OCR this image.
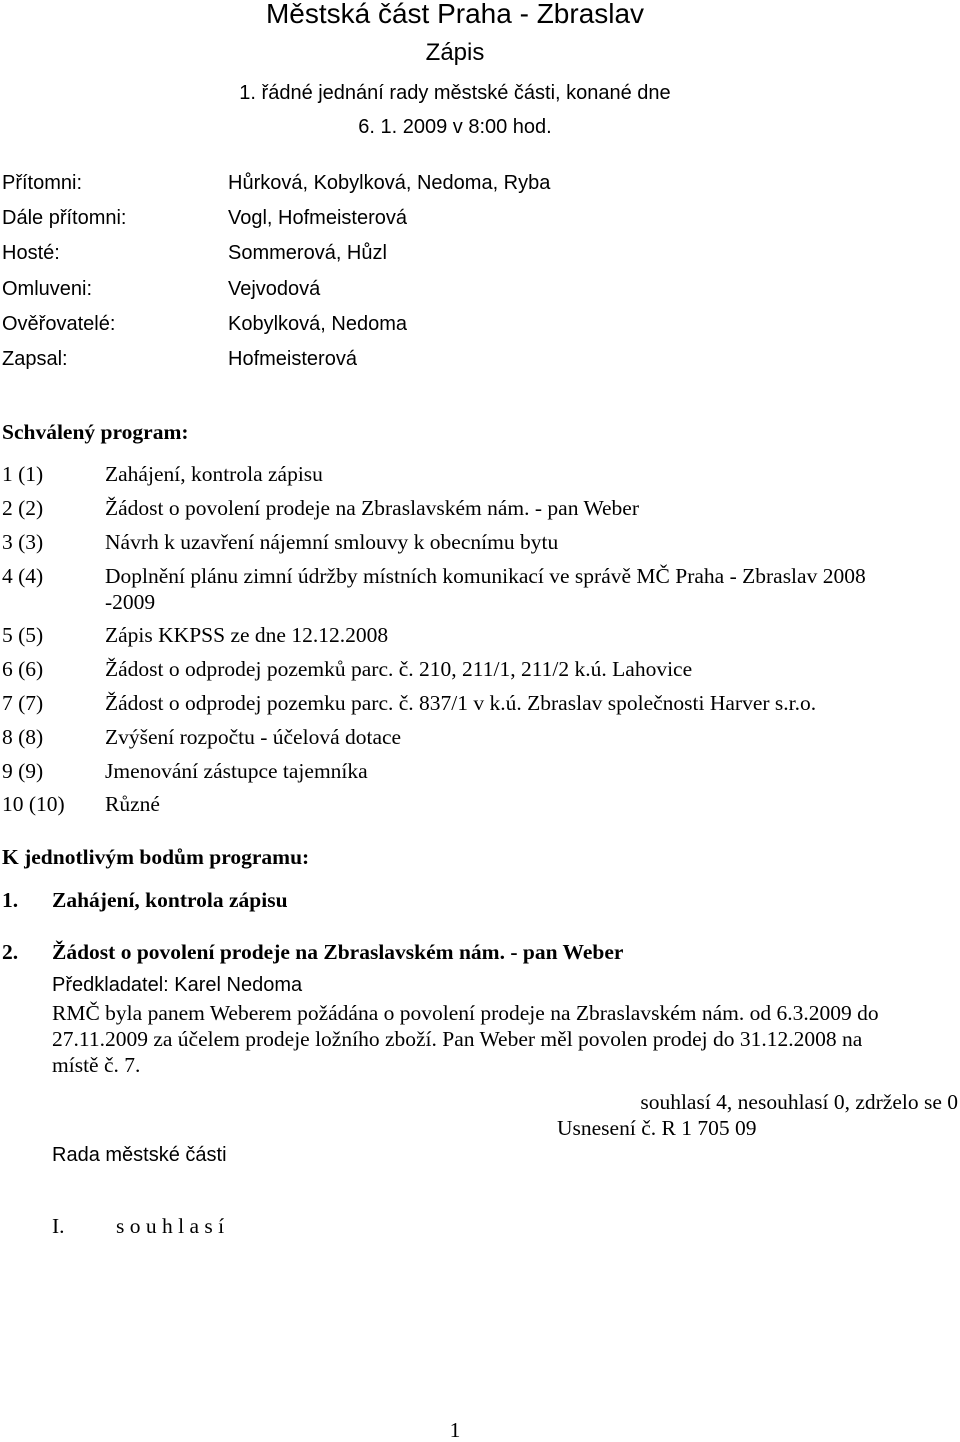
Městská část Praha - Zbraslav
Zápis
1. řádné jednání rady městské části, konané dne
6. 1. 2009 v 8:00 hod.
Přítomni:	Hůrková, Kobylková, Nedoma, Ryba
Dále přítomni:	Vogl, Hofmeisterová
Hosté:	Sommerová, Hůzl
Omluveni:	Vejvodová
Ověřovatelé:	Kobylková, Nedoma
Zapsal:	Hofmeisterová
Schválený program:
1 (1)	Zahájení, kontrola zápisu
2 (2)	Žádost o povolení prodeje na Zbraslavském nám. - pan Weber
3 (3)	Návrh k uzavření nájemní smlouvy k obecnímu bytu
4 (4)	Doplnění plánu zimní údržby místních komunikací ve správě MČ Praha - Zbraslav 2008
-2009
5 (5)	Zápis KKPSS ze dne 12.12.2008
6 (6)	Žádost o odprodej pozemků parc. č. 210, 211/1, 211/2 k.ú. Lahovice
7 (7)	Žádost o odprodej pozemku parc. č. 837/1 v k.ú. Zbraslav společnosti Harver s.r.o.
8 (8)	Zvýšení rozpočtu - účelová dotace
9 (9)	Jmenování zástupce tajemníka
10 (10) Různé
K jednotlivým bodům programu:
1. Zahájení, kontrola zápisu
2. Žádost o povolení prodeje na Zbraslavském nám. - pan Weber
Předkladatel: Karel Nedoma
RMČ byla panem Weberem požádána o povolení prodeje na Zbraslavském nám. od 6.3.2009 do
27.11.2009 za účelem prodeje ložního zboží. Pan Weber měl povolen prodej do 31.12.2008 na
místě č. 7.
souhlasí 4, nesouhlasí 0, zdrželo se 0
Usnesení č. R 1 705 09
Rada městské části
I. s o u h l a s í
1
